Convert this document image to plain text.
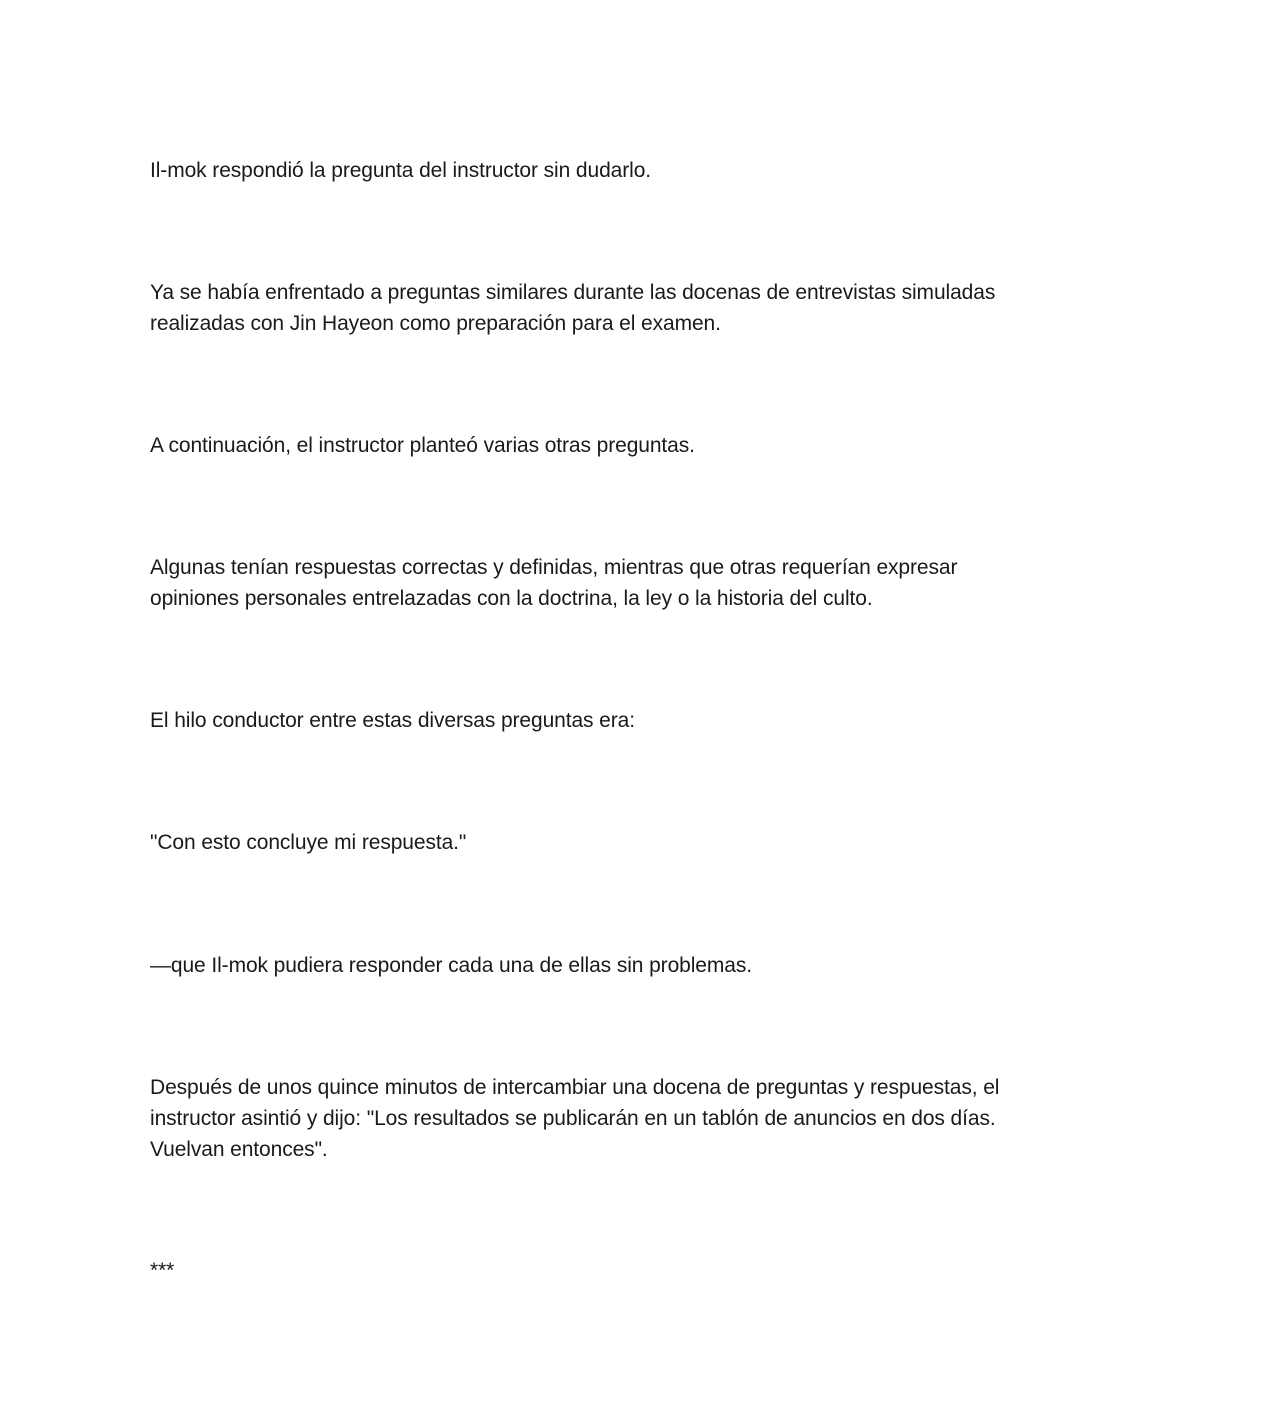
Il-mok respondió la pregunta del instructor sin dudarlo.

Ya se había enfrentado a preguntas similares durante las docenas de entrevistas simuladas
realizadas con Jin Hayeon como preparación para el examen.

A continuación, el instructor planteó varias otras preguntas.

Algunas tenían respuestas correctas y definidas, mientras que otras requerían expresar
opiniones personales entrelazadas con la doctrina, la ley o la historia del culto.

El hilo conductor entre estas diversas preguntas era:

"Con esto concluye mi respuesta."

—que Il-mok pudiera responder cada una de ellas sin problemas.

Después de unos quince minutos de intercambiar una docena de preguntas y respuestas, el
instructor asintió y dijo: "Los resultados se publicarán en un tablón de anuncios en dos días.
Vuelvan entonces".

***
